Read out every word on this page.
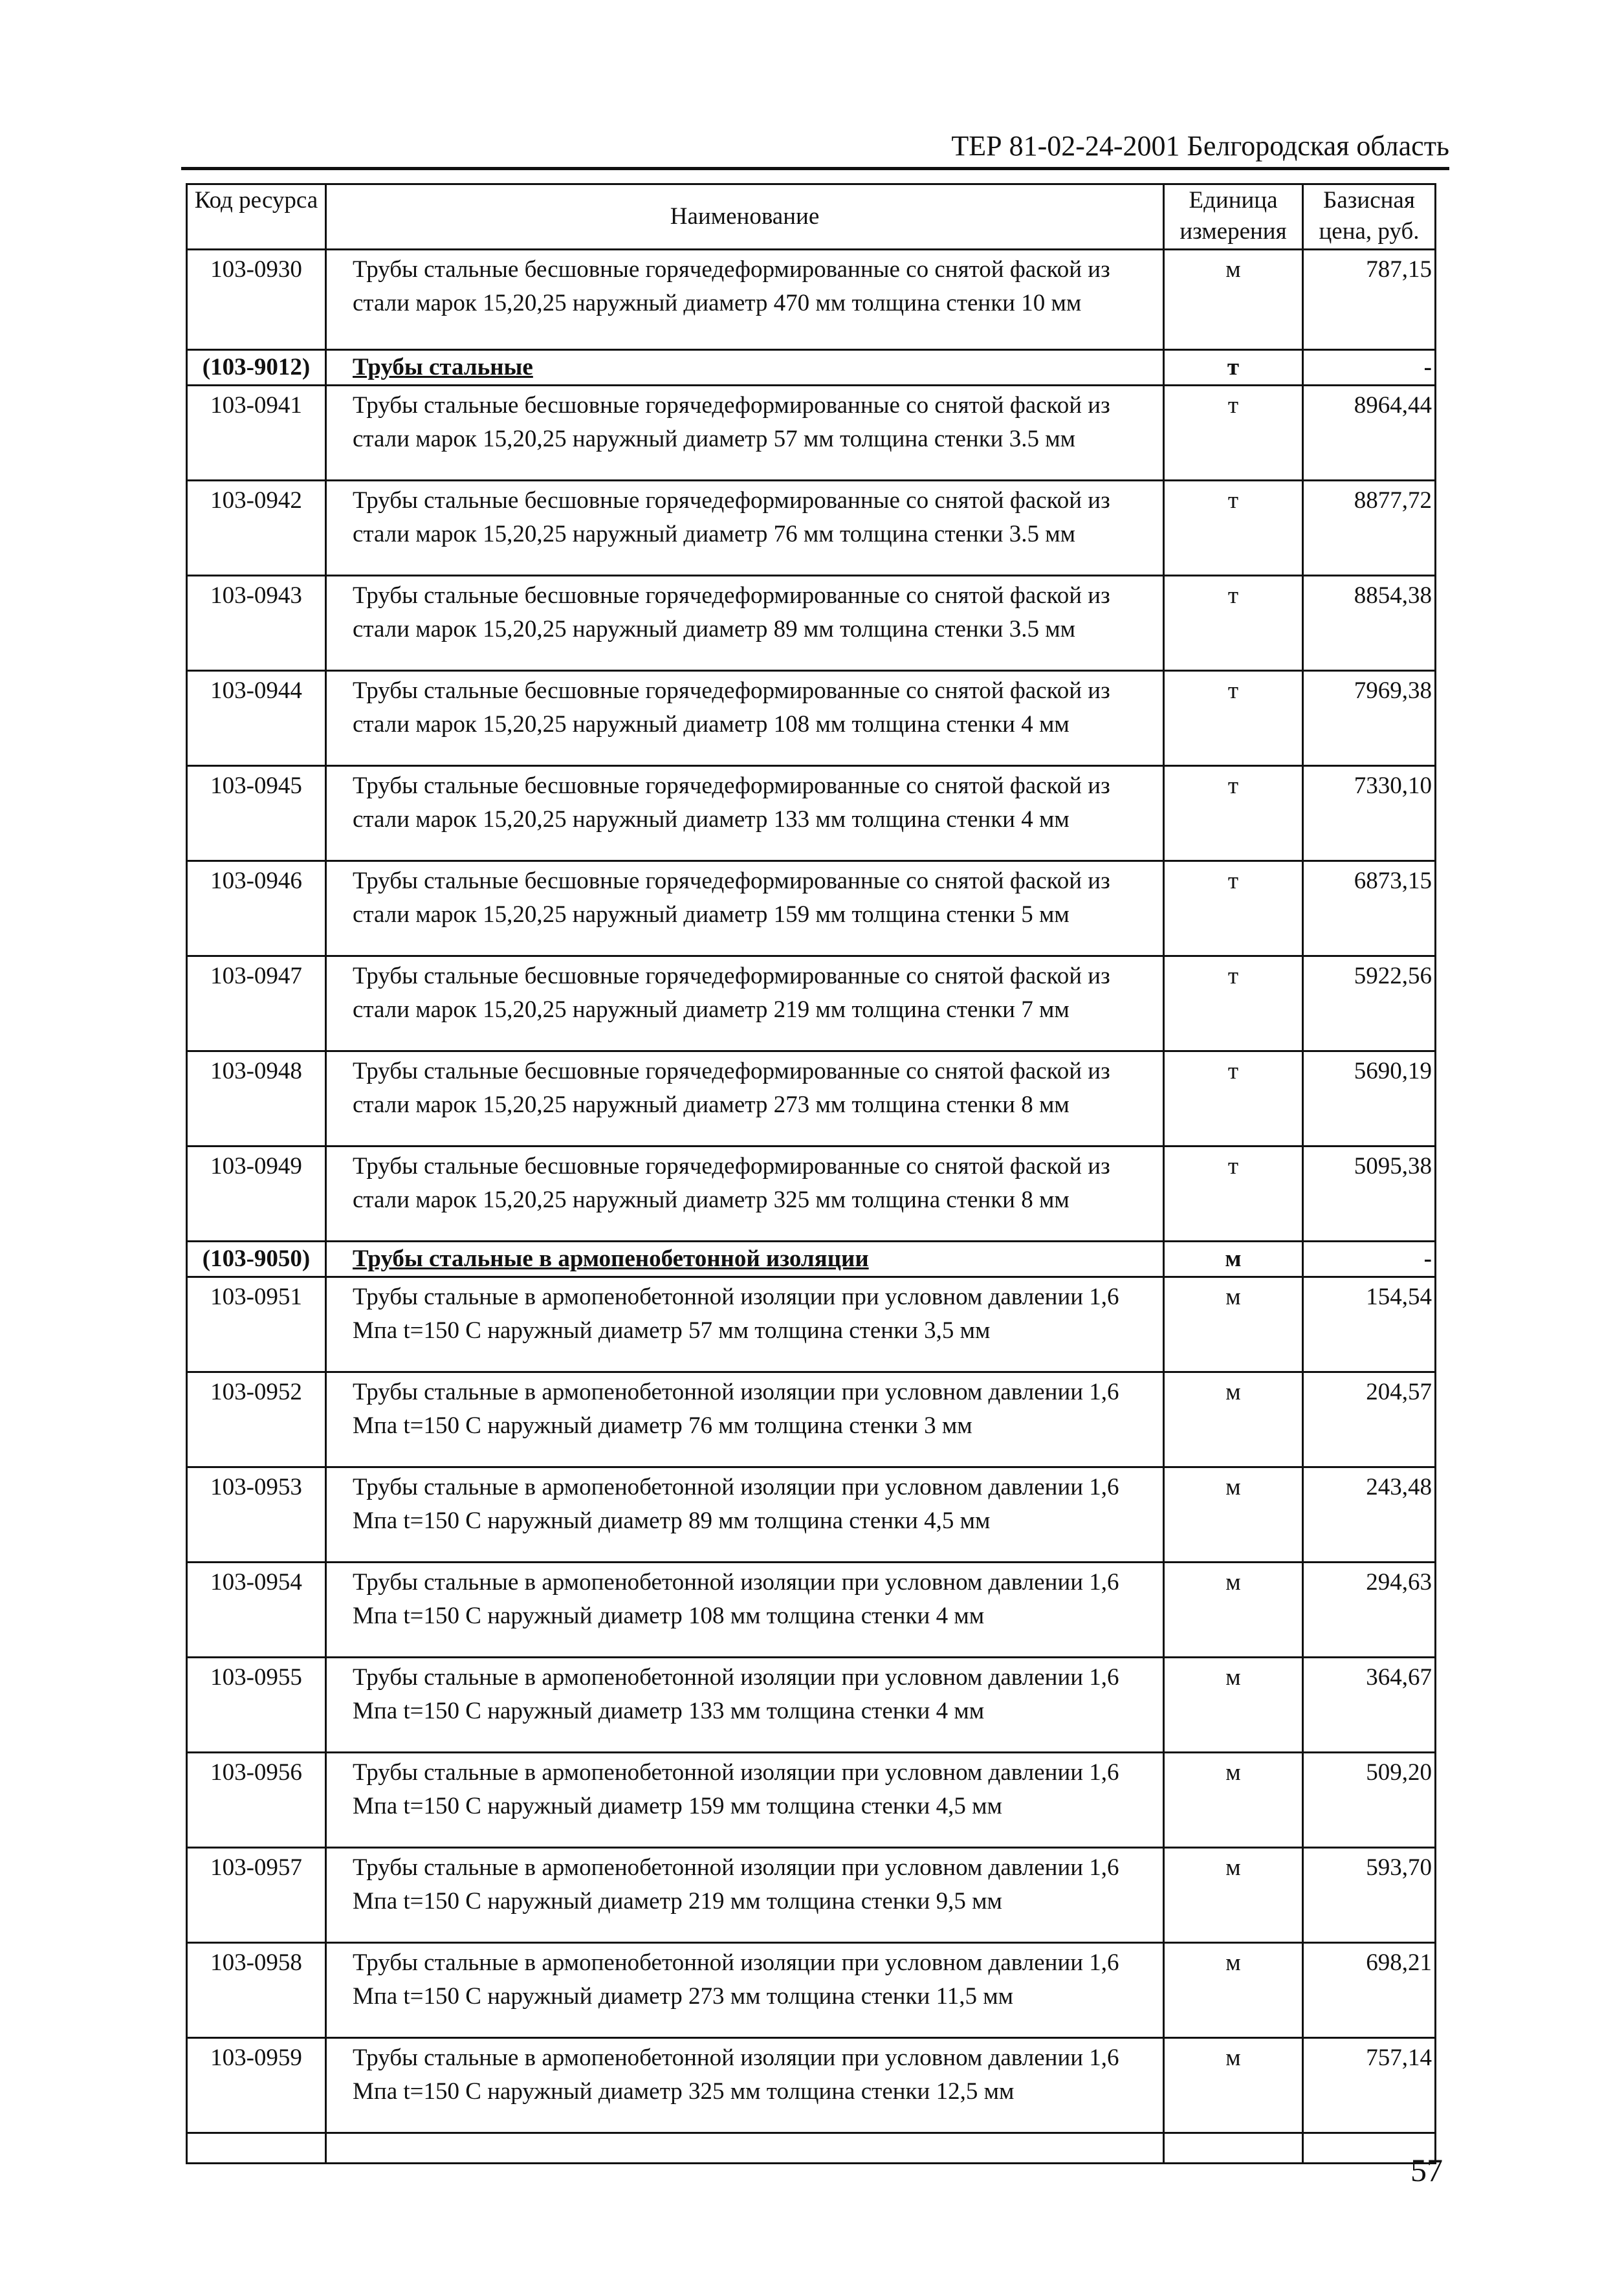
ТЕР 81-02-24-2001 Белгородская область
Код ресурса	Наименование	Единица измерения	Базисная цена, руб.
103-0930	Трубы стальные бесшовные горячедеформированные со снятой фаской из стали марок 15,20,25 наружный диаметр 470 мм толщина стенки 10 мм	м	787,15
(103-9012)	Трубы стальные	т	-
103-0941	Трубы стальные бесшовные горячедеформированные со снятой фаской из стали марок 15,20,25 наружный диаметр 57 мм толщина стенки 3.5 мм	т	8964,44
103-0942	Трубы стальные бесшовные горячедеформированные со снятой фаской из стали марок 15,20,25 наружный диаметр 76 мм толщина стенки 3.5 мм	т	8877,72
103-0943	Трубы стальные бесшовные горячедеформированные со снятой фаской из стали марок 15,20,25 наружный диаметр 89 мм толщина стенки 3.5 мм	т	8854,38
103-0944	Трубы стальные бесшовные горячедеформированные со снятой фаской из стали марок 15,20,25 наружный диаметр 108 мм толщина стенки 4 мм	т	7969,38
103-0945	Трубы стальные бесшовные горячедеформированные со снятой фаской из стали марок 15,20,25 наружный диаметр 133 мм толщина стенки 4 мм	т	7330,10
103-0946	Трубы стальные бесшовные горячедеформированные со снятой фаской из стали марок 15,20,25 наружный диаметр 159 мм толщина стенки 5 мм	т	6873,15
103-0947	Трубы стальные бесшовные горячедеформированные со снятой фаской из стали марок 15,20,25 наружный диаметр 219 мм толщина стенки 7 мм	т	5922,56
103-0948	Трубы стальные бесшовные горячедеформированные со снятой фаской из стали марок 15,20,25 наружный диаметр 273 мм толщина стенки 8 мм	т	5690,19
103-0949	Трубы стальные бесшовные горячедеформированные со снятой фаской из стали марок 15,20,25 наружный диаметр 325 мм толщина стенки 8 мм	т	5095,38
(103-9050)	Трубы стальные в армопенобетонной изоляции	м	-
103-0951	Трубы стальные в армопенобетонной изоляции при условном давлении 1,6 Мпа t=150 С наружный диаметр 57 мм толщина стенки 3,5 мм	м	154,54
103-0952	Трубы стальные в армопенобетонной изоляции при условном давлении 1,6 Мпа t=150 С наружный диаметр 76 мм толщина стенки 3 мм	м	204,57
103-0953	Трубы стальные в армопенобетонной изоляции при условном давлении 1,6 Мпа t=150 С наружный диаметр 89 мм толщина стенки 4,5 мм	м	243,48
103-0954	Трубы стальные в армопенобетонной изоляции при условном давлении 1,6 Мпа t=150 С наружный диаметр 108 мм толщина стенки 4 мм	м	294,63
103-0955	Трубы стальные в армопенобетонной изоляции при условном давлении 1,6 Мпа t=150 С наружный диаметр 133 мм толщина стенки 4 мм	м	364,67
103-0956	Трубы стальные в армопенобетонной изоляции при условном давлении 1,6 Мпа t=150 С наружный диаметр 159 мм толщина стенки 4,5 мм	м	509,20
103-0957	Трубы стальные в армопенобетонной изоляции при условном давлении 1,6 Мпа t=150 С наружный диаметр 219 мм толщина стенки 9,5 мм	м	593,70
103-0958	Трубы стальные в армопенобетонной изоляции при условном давлении 1,6 Мпа t=150 С наружный диаметр 273 мм толщина стенки 11,5 мм	м	698,21
103-0959	Трубы стальные в армопенобетонной изоляции при условном давлении 1,6 Мпа t=150 С наружный диаметр 325 мм толщина стенки 12,5 мм	м	757,14

57
